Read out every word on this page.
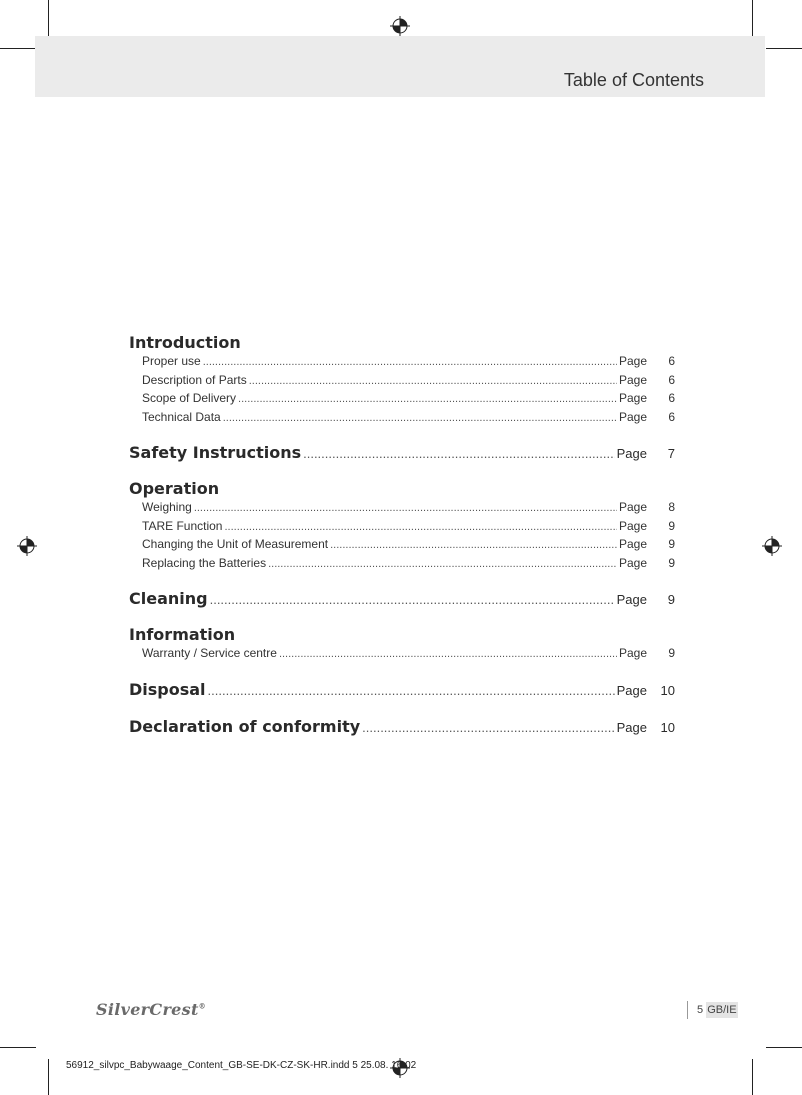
Table of Contents
Introduction
Proper use .....	Page	6
Description of Parts .....	Page	6
Scope of Delivery .....	Page	6
Technical Data .....	Page	6
Safety Instructions .....	Page	7
Operation
Weighing .....	Page	8
TARE Function .....	Page	9
Changing the Unit of Measurement .....	Page	9
Replacing the Batteries .....	Page	9
Cleaning .....	Page	9
Information
Warranty / Service centre .....	Page	9
Disposal .....	Page	10
Declaration of conformity .....	Page	10
SilverCrest®	5 GB/IE
56912_silvpc_Babywaage_Content_GB-SE-DK-CZ-SK-HR.indd 5 25.08. 16:02
